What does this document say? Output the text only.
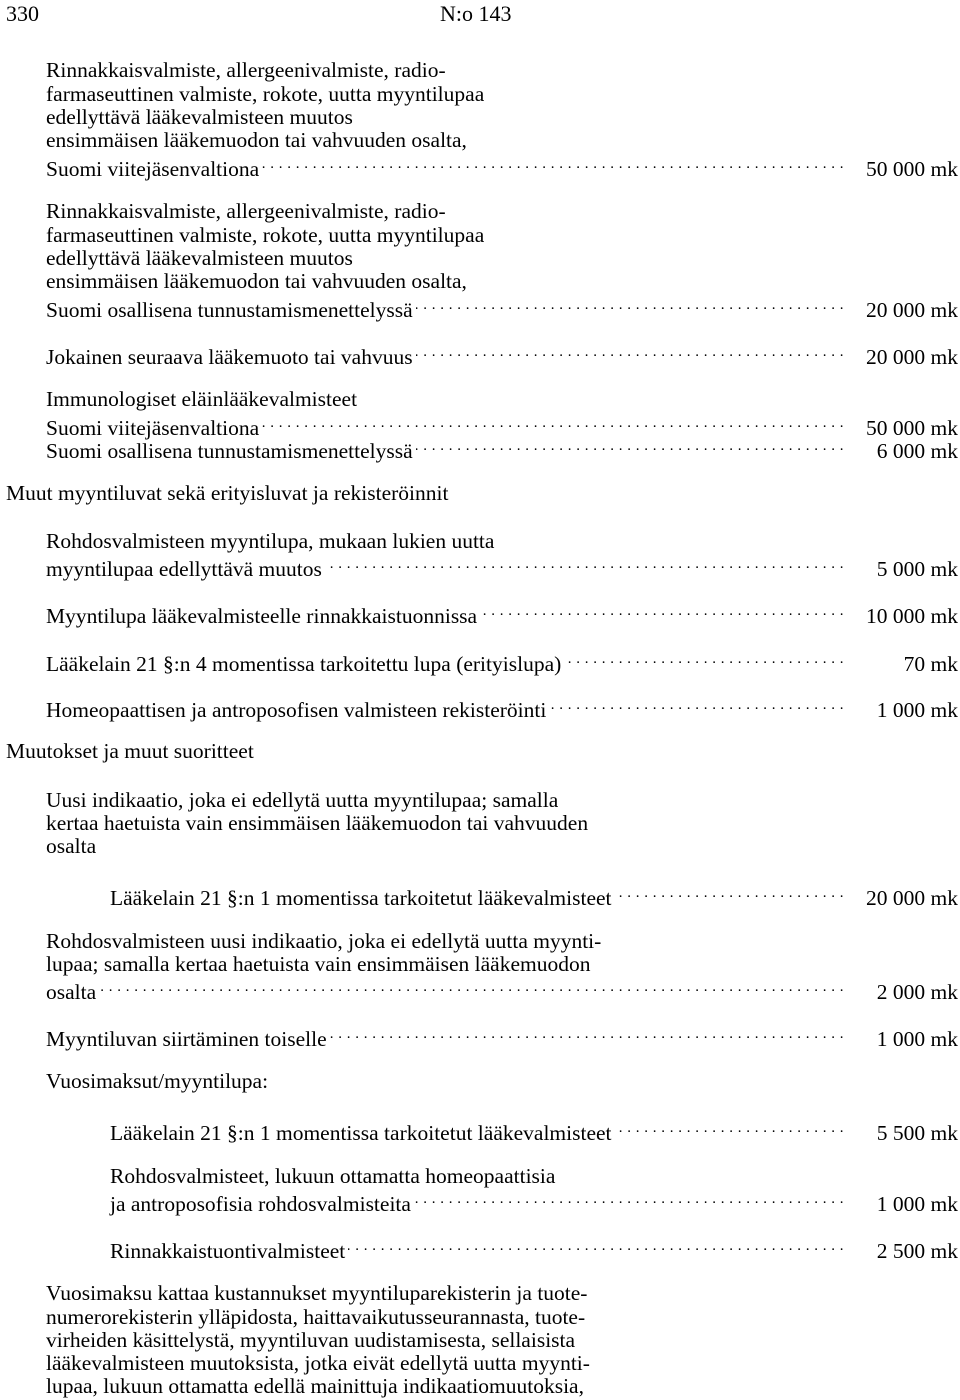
330	N:o 143
Rinnakkaisvalmiste, allergeenivalmiste, radio-
farmaseuttinen valmiste, rokote, uutta myyntilupaa
edellyttävä lääkevalmisteen muutos
ensimmäisen lääkemuodon tai vahvuuden osalta,
Suomi viitejäsenvaltiona . . .	50 000 mk
Rinnakkaisvalmiste, allergeenivalmiste, radio-
farmaseuttinen valmiste, rokote, uutta myyntilupaa
edellyttävä lääkevalmisteen muutos
ensimmäisen lääkemuodon tai vahvuuden osalta,
Suomi osallisena tunnustamismenettelyssä . . .	20 000 mk
Jokainen seuraava lääkemuoto tai vahvuus . . .	20 000 mk
Immunologiset eläinlääkevalmisteet
Suomi viitejäsenvaltiona . . .	50 000 mk
Suomi osallisena tunnustamismenettelyssä . . .	6 000 mk
Muut myyntiluvat sekä erityisluvat ja rekisteröinnit
Rohdosvalmisteen myyntilupa, mukaan lukien uutta
myyntilupaa edellyttävä muutos . . .	5 000 mk
Myyntilupa lääkevalmisteelle rinnakkaistuonnissa . . .	10 000 mk
Lääkelain 21 §:n 4 momentissa tarkoitettu lupa (erityislupa) . . .	70 mk
Homeopaattisen ja antroposofisen valmisteen rekisteröinti . . .	1 000 mk
Muutokset ja muut suoritteet
Uusi indikaatio, joka ei edellytä uutta myyntilupaa; samalla
kertaa haetuista vain ensimmäisen lääkemuodon tai vahvuuden
osalta
Lääkelain 21 §:n 1 momentissa tarkoitetut lääkevalmisteet . . .	20 000 mk
Rohdosvalmisteen uusi indikaatio, joka ei edellytä uutta myynti-
lupaa; samalla kertaa haetuista vain ensimmäisen lääkemuodon
osalta . . .	2 000 mk
Myyntiluvan siirtäminen toiselle . . .	1 000 mk
Vuosimaksut/myyntilupa:
Lääkelain 21 §:n 1 momentissa tarkoitetut lääkevalmisteet . . .	5 500 mk
Rohdosvalmisteet, lukuun ottamatta homeopaattisia
ja antroposofisia rohdosvalmisteita . . .	1 000 mk
Rinnakkaistuontivalmisteet . . .	2 500 mk
Vuosimaksu kattaa kustannukset myyntiluparekisterin ja tuote-
numerorekisterin ylläpidosta, haittavaikutusseurannasta, tuote-
virheiden käsittelystä, myyntiluvan uudistamisesta, sellaisista
lääkevalmisteen muutoksista, jotka eivät edellytä uutta myynti-
lupaa, lukuun ottamatta edellä mainittuja indikaatiomuutoksia,
